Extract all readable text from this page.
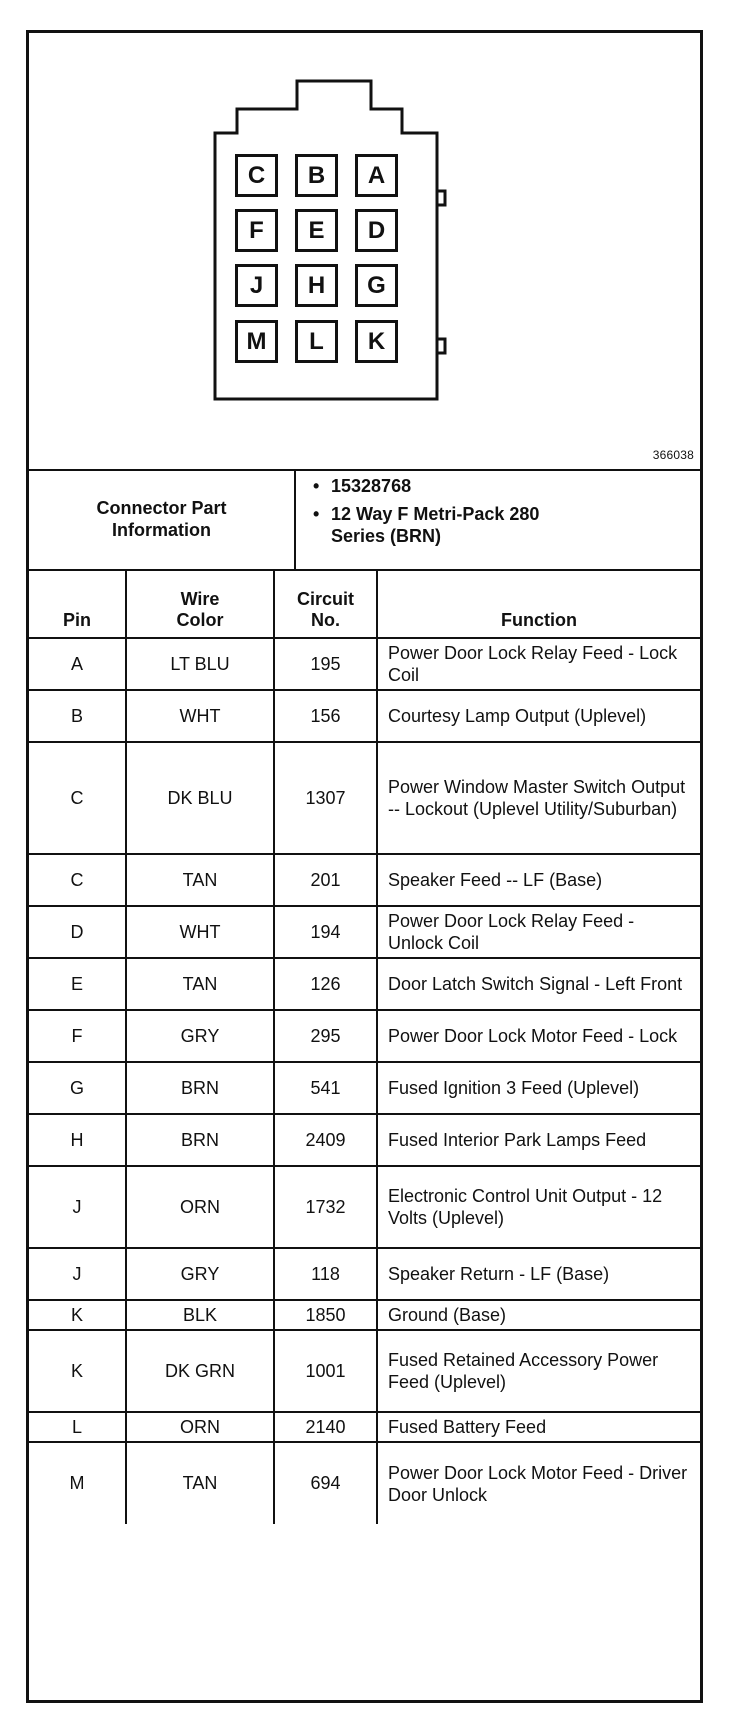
C	B	A
F	E	D
J	H	G
M	L	K
366038
Connector Part
Information
• 15328768
• 12 Way F Metri-Pack 280 Series (BRN)
Pin	Wire Color	Circuit No.	Function
A	LT BLU	195	Power Door Lock Relay Feed - Lock Coil
B	WHT	156	Courtesy Lamp Output (Uplevel)
C	DK BLU	1307	Power Window Master Switch Output -- Lockout (Uplevel Utility/Suburban)
C	TAN	201	Speaker Feed -- LF (Base)
D	WHT	194	Power Door Lock Relay Feed - Unlock Coil
E	TAN	126	Door Latch Switch Signal - Left Front
F	GRY	295	Power Door Lock Motor Feed - Lock
G	BRN	541	Fused Ignition 3 Feed (Uplevel)
H	BRN	2409	Fused Interior Park Lamps Feed
J	ORN	1732	Electronic Control Unit Output - 12 Volts (Uplevel)
J	GRY	118	Speaker Return - LF (Base)
K	BLK	1850	Ground (Base)
K	DK GRN	1001	Fused Retained Accessory Power Feed (Uplevel)
L	ORN	2140	Fused Battery Feed
M	TAN	694	Power Door Lock Motor Feed - Driver Door Unlock
